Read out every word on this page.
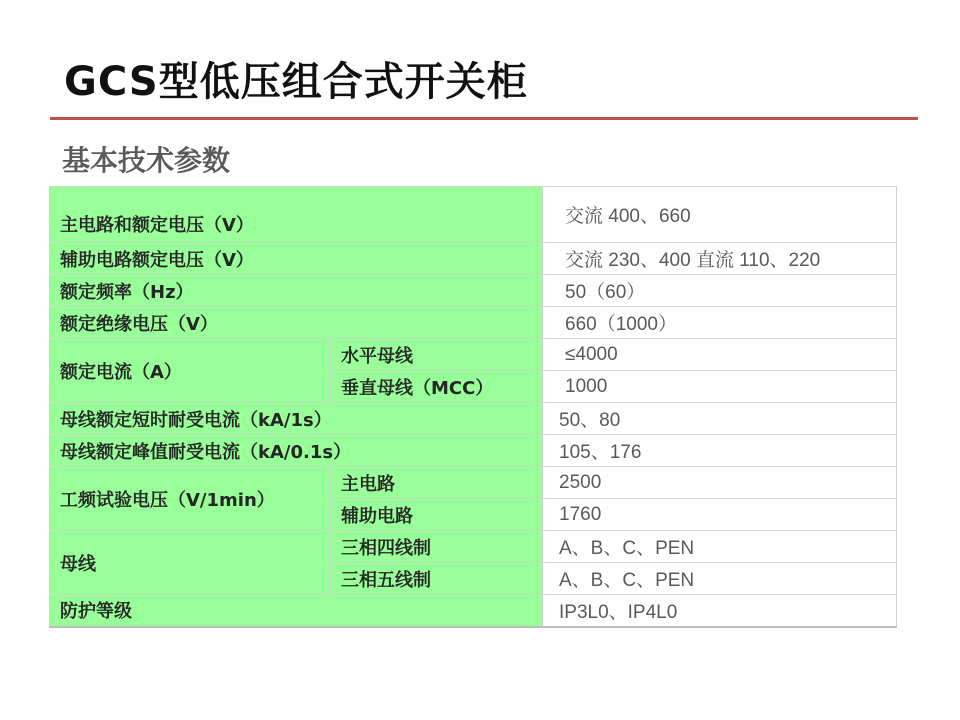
GCS型低压组合式开关柜
基本技术参数
主电路和额定电压（V）		交流 400、660
辅助电路额定电压（V）		交流 230、400 直流 110、220
额定频率（Hz）		50（60）
额定绝缘电压（V）		660（1000）
额定电流（A）	水平母线	≤4000
	垂直母线（MCC）	1000
母线额定短时耐受电流（kA/1s）		50、80
母线额定峰值耐受电流（kA/0.1s）		105、176
工频试验电压（V/1min）	主电路	2500
	辅助电路	1760
母线	三相四线制	A、B、C、PEN
	三相五线制	A、B、C、PEN
防护等级		IP3L0、IP4L0
